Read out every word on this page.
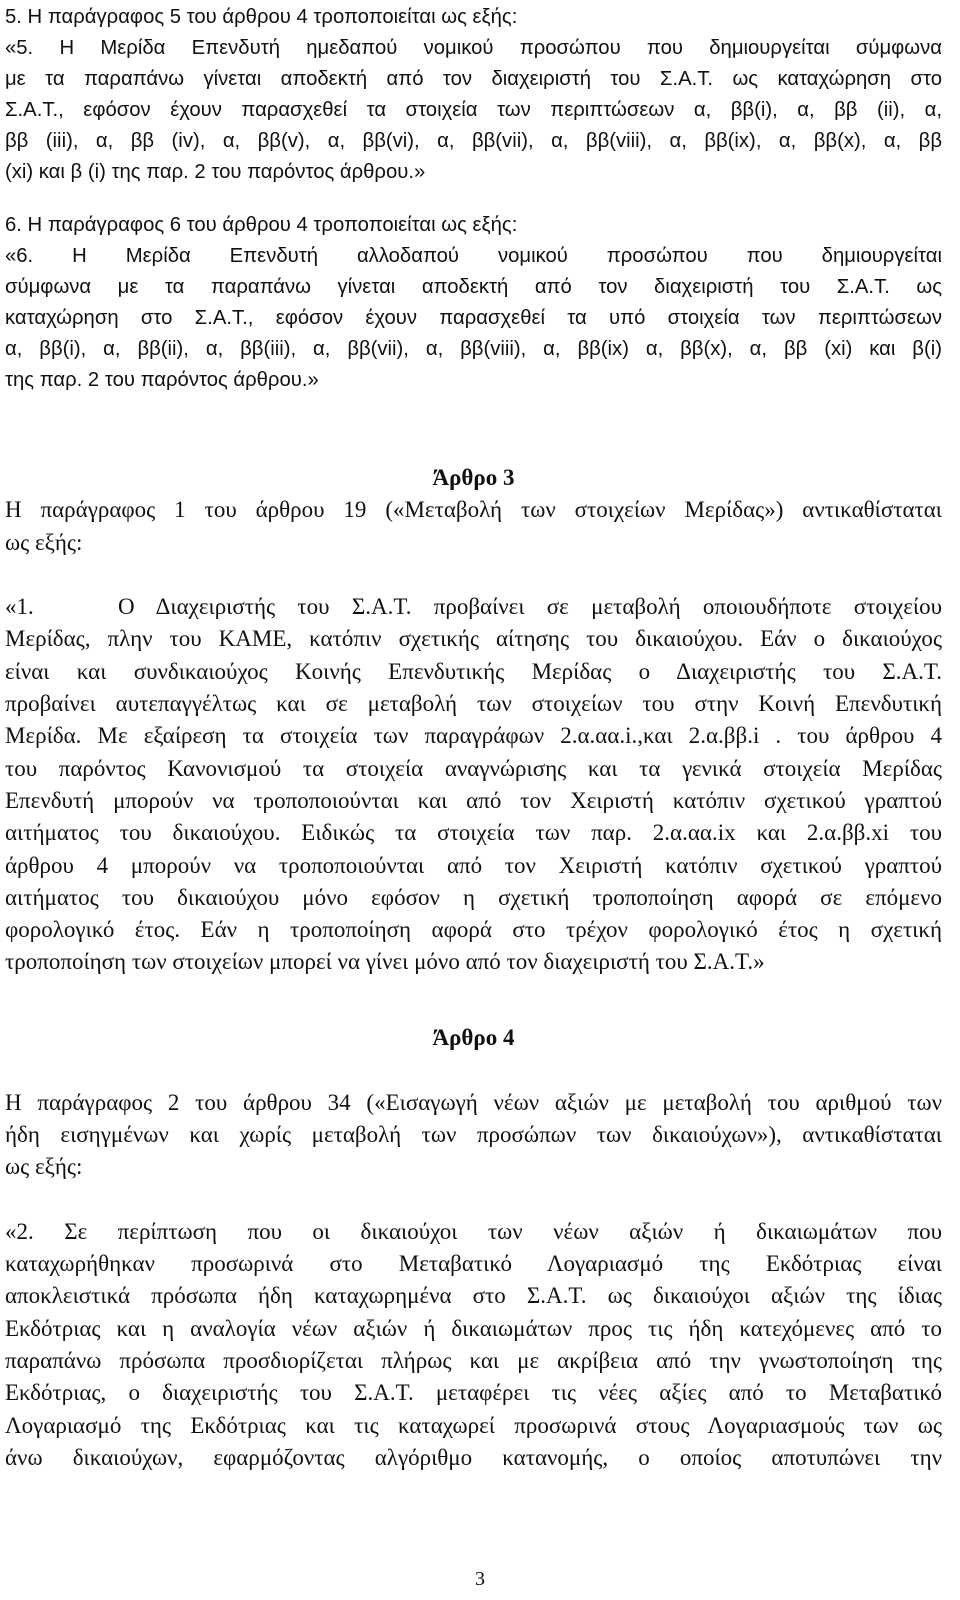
5. Η παράγραφος 5 του άρθρου 4 τροποποιείται ως εξής:
«5. Η Μερίδα Επενδυτή ημεδαπού νομικού προσώπου που δημιουργείται σύμφωνα
με τα παραπάνω γίνεται αποδεκτή από τον διαχειριστή του Σ.Α.Τ. ως καταχώρηση στο
Σ.Α.Τ., εφόσον έχουν παρασχεθεί τα στοιχεία των περιπτώσεων α, ββ(i), α, ββ (ii), α,
ββ (iii), α, ββ (iv), α, ββ(v), α, ββ(vi), α, ββ(vii), α, ββ(viii), α, ββ(ix), α, ββ(x), α, ββ
(xi) και β (i) της παρ. 2 του παρόντος άρθρου.»
6. Η παράγραφος 6 του άρθρου 4 τροποποιείται ως εξής:
«6. Η Μερίδα Επενδυτή αλλοδαπού νομικού προσώπου που δημιουργείται
σύμφωνα με τα παραπάνω γίνεται αποδεκτή από τον διαχειριστή του Σ.Α.Τ. ως
καταχώρηση στο Σ.Α.Τ., εφόσον έχουν παρασχεθεί τα υπό στοιχεία των περιπτώσεων
α, ββ(i), α, ββ(ii), α, ββ(iii), α, ββ(vii), α, ββ(viii), α, ββ(ix) α, ββ(x), α, ββ (xi) και β(i)
της παρ. 2 του παρόντος άρθρου.»
Άρθρο 3
Η παράγραφος 1 του άρθρου 19 («Μεταβολή των στοιχείων Μερίδας») αντικαθίσταται
ως εξής:

«1.	Ο Διαχειριστής του Σ.Α.Τ. προβαίνει σε μεταβολή οποιουδήποτε στοιχείου
Μερίδας, πλην του ΚΑΜΕ, κατόπιν σχετικής αίτησης του δικαιούχου. Εάν ο δικαιούχος
είναι και συνδικαιούχος Κοινής Επενδυτικής Μερίδας ο Διαχειριστής του Σ.Α.Τ.
προβαίνει αυτεπαγγέλτως και σε μεταβολή των στοιχείων του στην Κοινή Επενδυτική
Μερίδα. Με εξαίρεση τα στοιχεία των παραγράφων 2.α.αα.i.,και 2.α.ββ.i . του άρθρου 4
του παρόντος Κανονισμού τα στοιχεία αναγνώρισης και τα γενικά στοιχεία Μερίδας
Επενδυτή μπορούν να τροποποιούνται και από τον Χειριστή κατόπιν σχετικού γραπτού
αιτήματος του δικαιούχου. Ειδικώς τα στοιχεία των παρ. 2.α.αα.ix και 2.α.ββ.xi του
άρθρου 4 μπορούν να τροποποιούνται από τον Χειριστή κατόπιν σχετικού γραπτού
αιτήματος του δικαιούχου μόνο εφόσον η σχετική τροποποίηση αφορά σε επόμενο
φορολογικό έτος. Εάν η τροποποίηση αφορά στο τρέχον φορολογικό έτος η σχετική
τροποποίηση των στοιχείων μπορεί να γίνει μόνο από τον διαχειριστή του Σ.Α.Τ.»
Άρθρο 4

Η παράγραφος 2 του άρθρου 34 («Εισαγωγή νέων αξιών με μεταβολή του αριθμού των
ήδη εισηγμένων και χωρίς μεταβολή των προσώπων των δικαιούχων»), αντικαθίσταται
ως εξής:

«2. Σε περίπτωση που οι δικαιούχοι των νέων αξιών ή δικαιωμάτων που
καταχωρήθηκαν προσωρινά στο Μεταβατικό Λογαριασμό της Εκδότριας είναι
αποκλειστικά πρόσωπα ήδη καταχωρημένα στο Σ.Α.Τ. ως δικαιούχοι αξιών της ίδιας
Εκδότριας και η αναλογία νέων αξιών ή δικαιωμάτων προς τις ήδη κατεχόμενες από το
παραπάνω πρόσωπα προσδιορίζεται πλήρως και με ακρίβεια από την γνωστοποίηση της
Εκδότριας, ο διαχειριστής του Σ.Α.Τ. μεταφέρει τις νέες αξίες από το Μεταβατικό
Λογαριασμό της Εκδότριας και τις καταχωρεί προσωρινά στους Λογαριασμούς των ως
άνω δικαιούχων, εφαρμόζοντας αλγόριθμο κατανομής, ο οποίος αποτυπώνει την
3
